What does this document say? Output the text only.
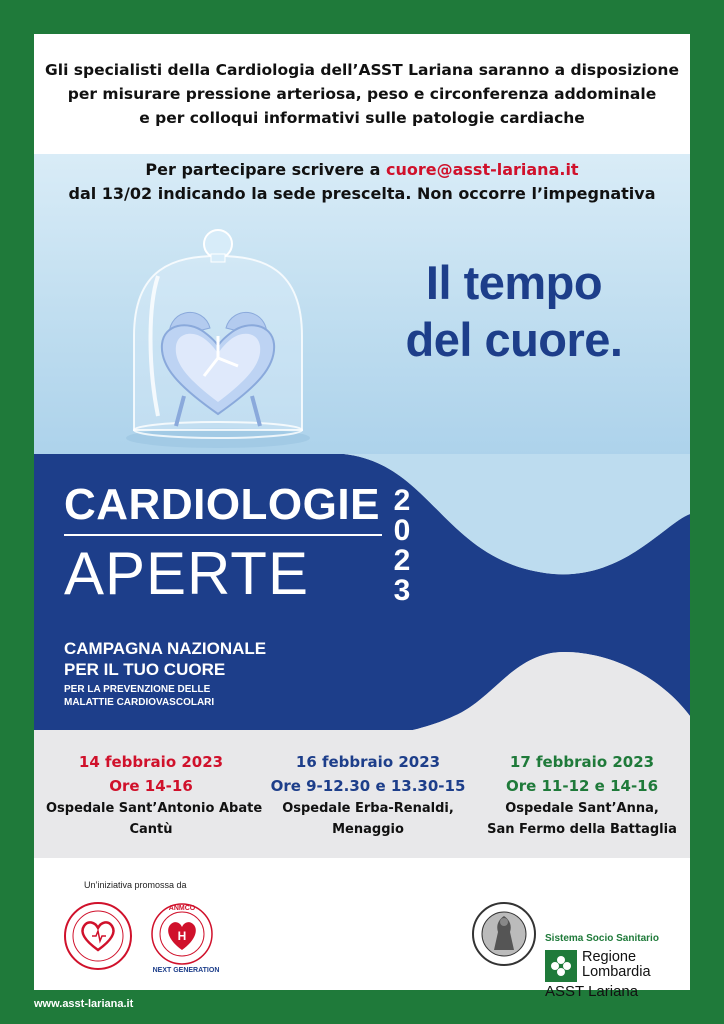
Gli specialisti della Cardiologia dell’ASST Lariana saranno a disposizione
per misurare pressione arteriosa, peso e circonferenza addominale
e per colloqui informativi sulle patologie cardiache
Per partecipare scrivere a cuore@asst-lariana.it
dal 13/02 indicando la sede prescelta. Non occorre l’impegnativa
Il tempo
del cuore.
CARDIOLOGIE
APERTE
2
0
2
3
CAMPAGNA NAZIONALE
PER IL TUO CUORE
PER LA PREVENZIONE DELLE
MALATTIE CARDIOVASCOLARI
14 febbraio 2023
Ore 14-16
Ospedale Sant’Antonio Abate
Cantù
16 febbraio 2023
Ore 9-12.30 e 13.30-15
Ospedale Erba-Renaldi,
Menaggio
17 febbraio 2023
Ore 11-12 e 14-16
Ospedale Sant’Anna,
San Fermo della Battaglia
Un’iniziativa promossa da
H
ANMCO
NEXT GENERATION
Sistema Socio Sanitario
Regione
Lombardia
ASST Lariana
www.asst-lariana.it
